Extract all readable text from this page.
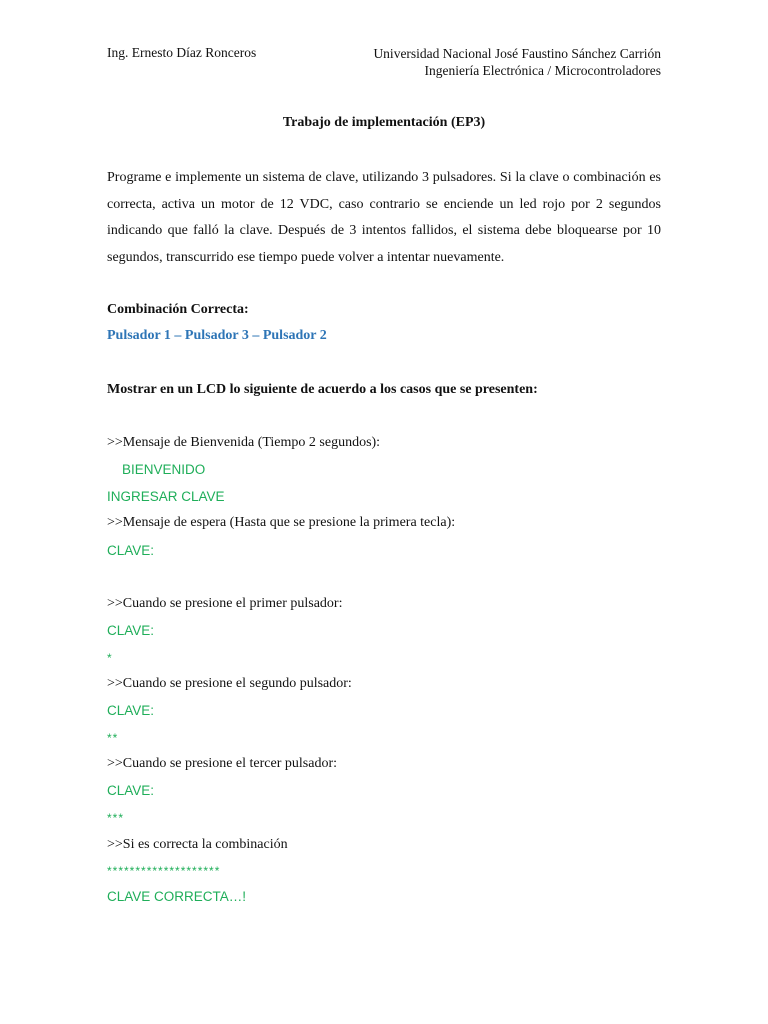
Ing. Ernesto Díaz Ronceros	Universidad Nacional José Faustino Sánchez Carrión
Ingeniería Electrónica / Microcontroladores
Trabajo de implementación (EP3)
Programe e implemente un sistema de clave, utilizando 3 pulsadores. Si la clave o combinación es correcta, activa un motor de 12 VDC, caso contrario se enciende un led rojo por 2 segundos indicando que falló la clave. Después de 3 intentos fallidos, el sistema debe bloquearse por 10 segundos, transcurrido ese tiempo puede volver a intentar nuevamente.
Combinación Correcta:
Pulsador 1 – Pulsador 3 – Pulsador 2
Mostrar en un LCD lo siguiente de acuerdo a los casos que se presenten:
>>Mensaje de Bienvenida (Tiempo 2 segundos):
BIENVENIDO
INGRESAR CLAVE
>>Mensaje de espera (Hasta que se presione la primera tecla):
CLAVE:
>>Cuando se presione el primer pulsador:
CLAVE:
*
>>Cuando se presione el segundo pulsador:
CLAVE:
**
>>Cuando se presione el tercer pulsador:
CLAVE:
***
>>Si es correcta la combinación
********************
CLAVE CORRECTA…!
